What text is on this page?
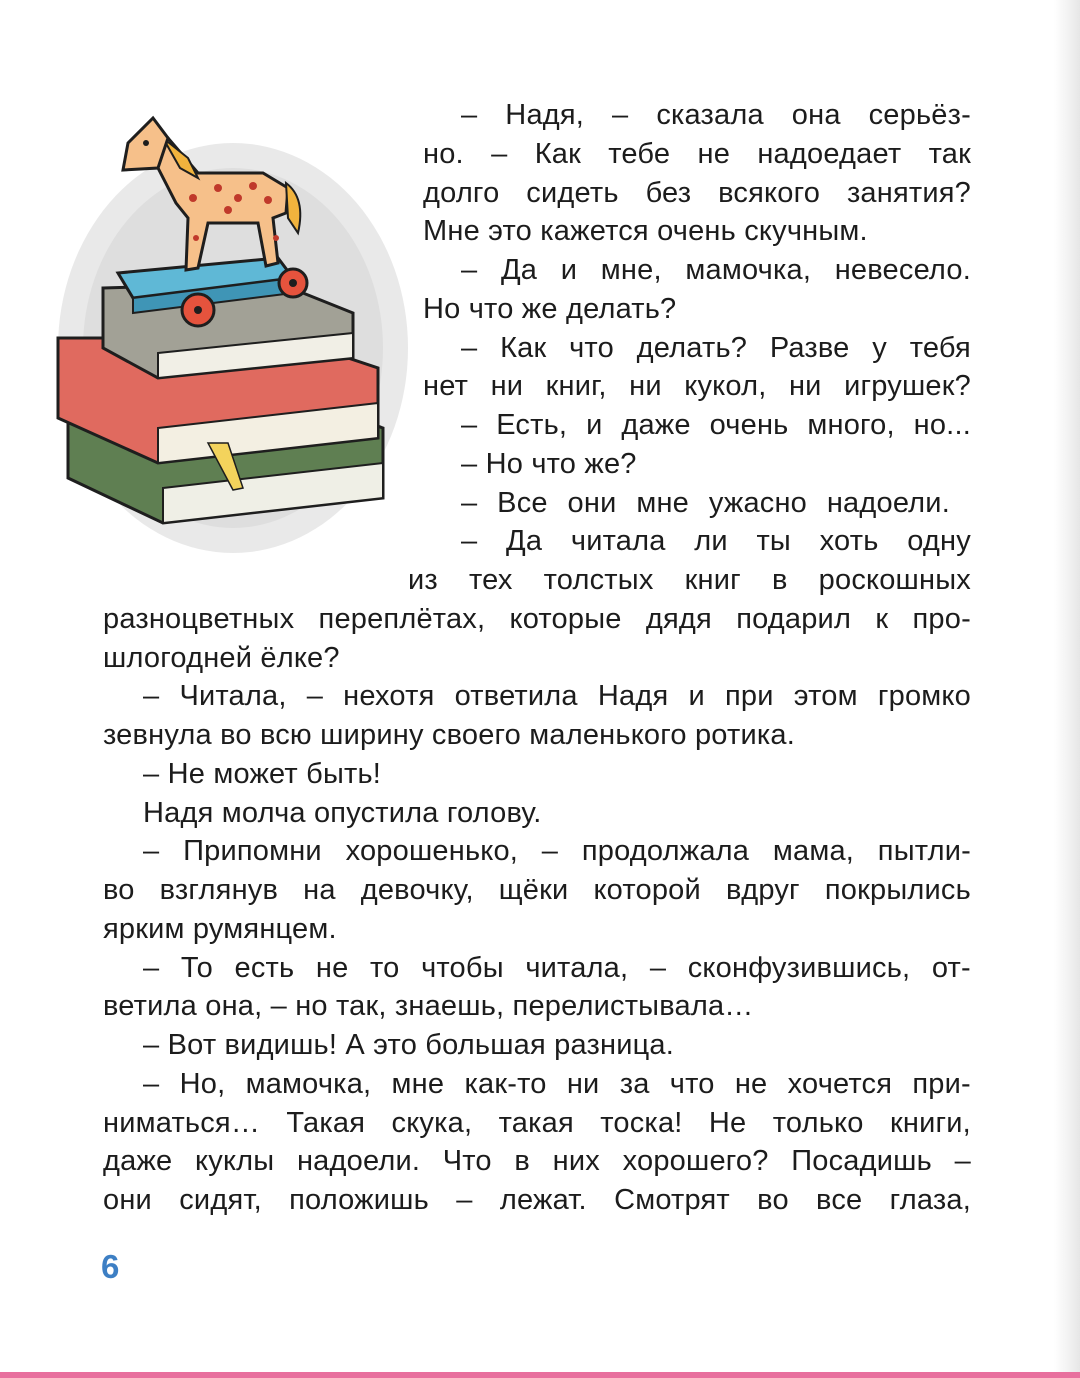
– Надя, – сказала она серьёз-
но. – Как тебе не надоедает так
долго сидеть без всякого занятия?
Мне это кажется очень скучным.
– Да и мне, мамочка, невесело.
Но что же делать?
– Как что делать? Разве у тебя
нет ни книг, ни кукол, ни игрушек?
– Есть, и даже очень много, но...
– Но что же?
– Все они мне ужасно надоели.
– Да читала ли ты хоть одну
из тех толстых книг в роскошных
разноцветных переплётах, которые дядя подарил к про-
шлогодней ёлке?
– Читала, – нехотя ответила Надя и при этом громко
зевнула во всю ширину своего маленького ротика.
– Не может быть!
Надя молча опустила голову.
– Припомни хорошенько, – продолжала мама, пытли-
во взглянув на девочку, щёки которой вдруг покрылись
ярким румянцем.
– То есть не то чтобы читала, – сконфузившись, от-
ветила она, – но так, знаешь, перелистывала…
– Вот видишь! А это большая разница.
– Но, мамочка, мне как-то ни за что не хочется при-
ниматься… Такая скука, такая тоска! Не только книги,
даже куклы надоели. Что в них хорошего? Посадишь –
они сидят, положишь – лежат. Смотрят во все глаза,
6
